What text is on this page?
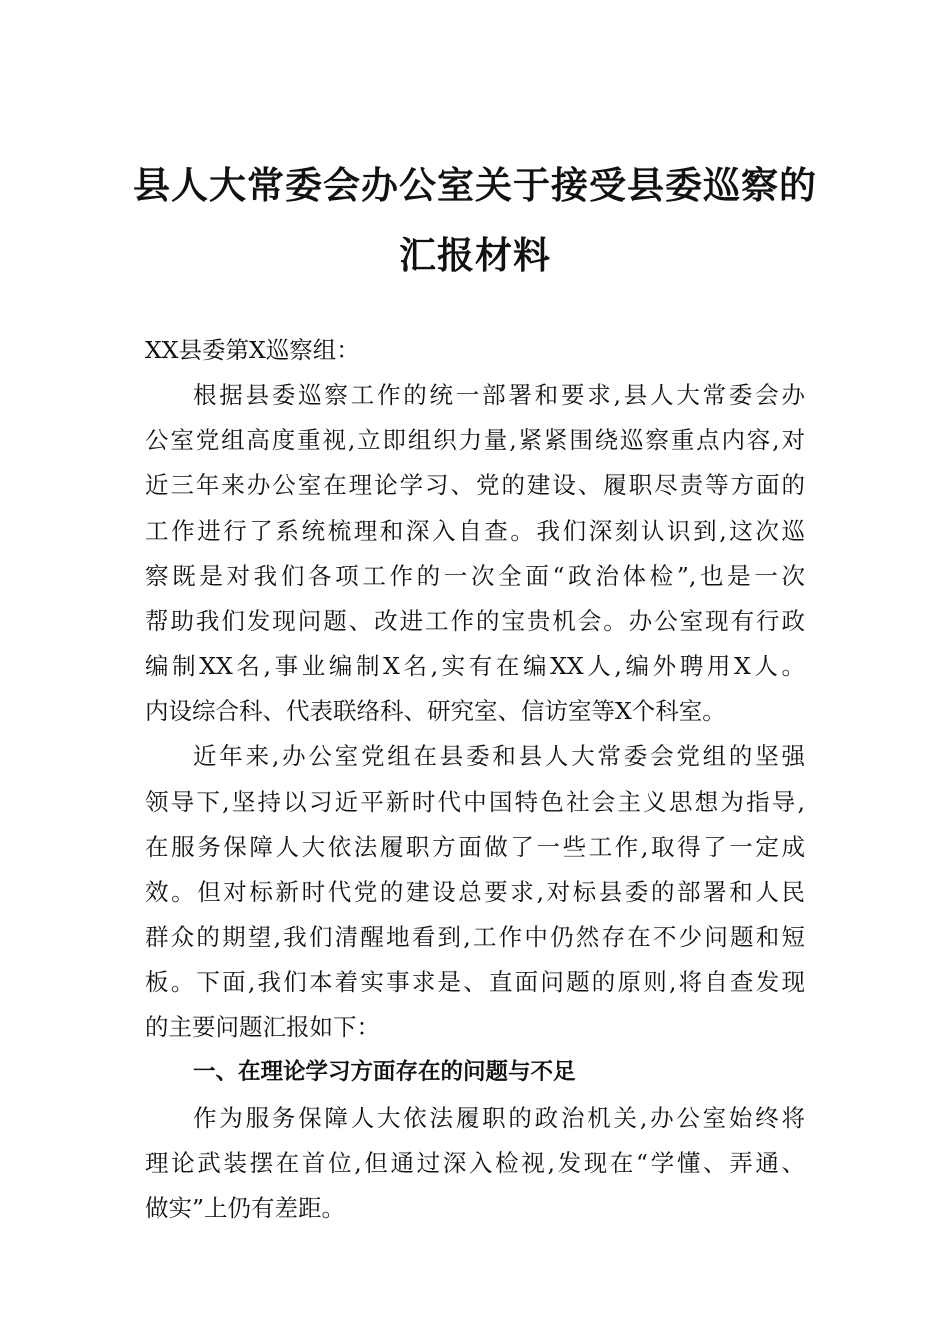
县人大常委会办公室关于接受县委巡察的
汇报材料
XX县委第X巡察组：
根据县委巡察工作的统一部署和要求,县人大常委会办
公室党组高度重视,立即组织力量,紧紧围绕巡察重点内容,对
近三年来办公室在理论学习、党的建设、履职尽责等方面的
工作进行了系统梳理和深入自查。我们深刻认识到,这次巡
察既是对我们各项工作的一次全面“政治体检”,也是一次
帮助我们发现问题、改进工作的宝贵机会。办公室现有行政
编制XX名,事业编制X名,实有在编XX人,编外聘用X人。
内设综合科、代表联络科、研究室、信访室等X个科室。
近年来,办公室党组在县委和县人大常委会党组的坚强
领导下,坚持以习近平新时代中国特色社会主义思想为指导,
在服务保障人大依法履职方面做了一些工作,取得了一定成
效。但对标新时代党的建设总要求,对标县委的部署和人民
群众的期望,我们清醒地看到,工作中仍然存在不少问题和短
板。下面,我们本着实事求是、直面问题的原则,将自查发现
的主要问题汇报如下：
一、在理论学习方面存在的问题与不足
作为服务保障人大依法履职的政治机关,办公室始终将
理论武装摆在首位,但通过深入检视,发现在“学懂、弄通、
做实”上仍有差距。
